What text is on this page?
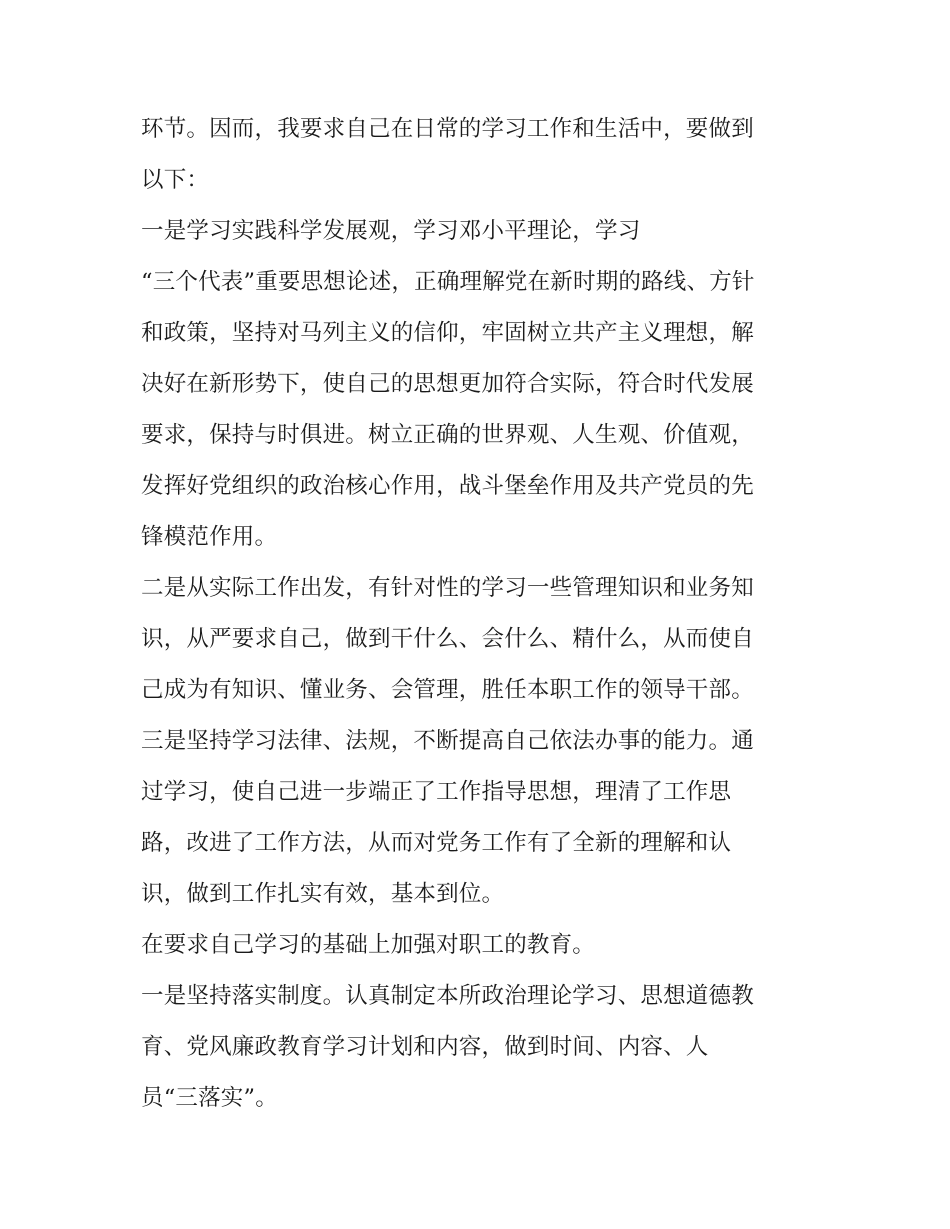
环节。因而，我要求自己在日常的学习工作和生活中，要做到
以下：
一是学习实践科学发展观，学习邓小平理论，学习
“三个代表”重要思想论述，正确理解党在新时期的路线、方针
和政策，坚持对马列主义的信仰，牢固树立共产主义理想，解
决好在新形势下，使自己的思想更加符合实际，符合时代发展
要求，保持与时俱进。树立正确的世界观、人生观、价值观，
发挥好党组织的政治核心作用，战斗堡垒作用及共产党员的先
锋模范作用。
二是从实际工作出发，有针对性的学习一些管理知识和业务知
识，从严要求自己，做到干什么、会什么、精什么，从而使自
己成为有知识、懂业务、会管理，胜任本职工作的领导干部。
三是坚持学习法律、法规，不断提高自己依法办事的能力。通
过学习，使自己进一步端正了工作指导思想，理清了工作思
路，改进了工作方法，从而对党务工作有了全新的理解和认
识，做到工作扎实有效，基本到位。
在要求自己学习的基础上加强对职工的教育。
一是坚持落实制度。认真制定本所政治理论学习、思想道德教
育、党风廉政教育学习计划和内容，做到时间、内容、人
员“三落实”。
